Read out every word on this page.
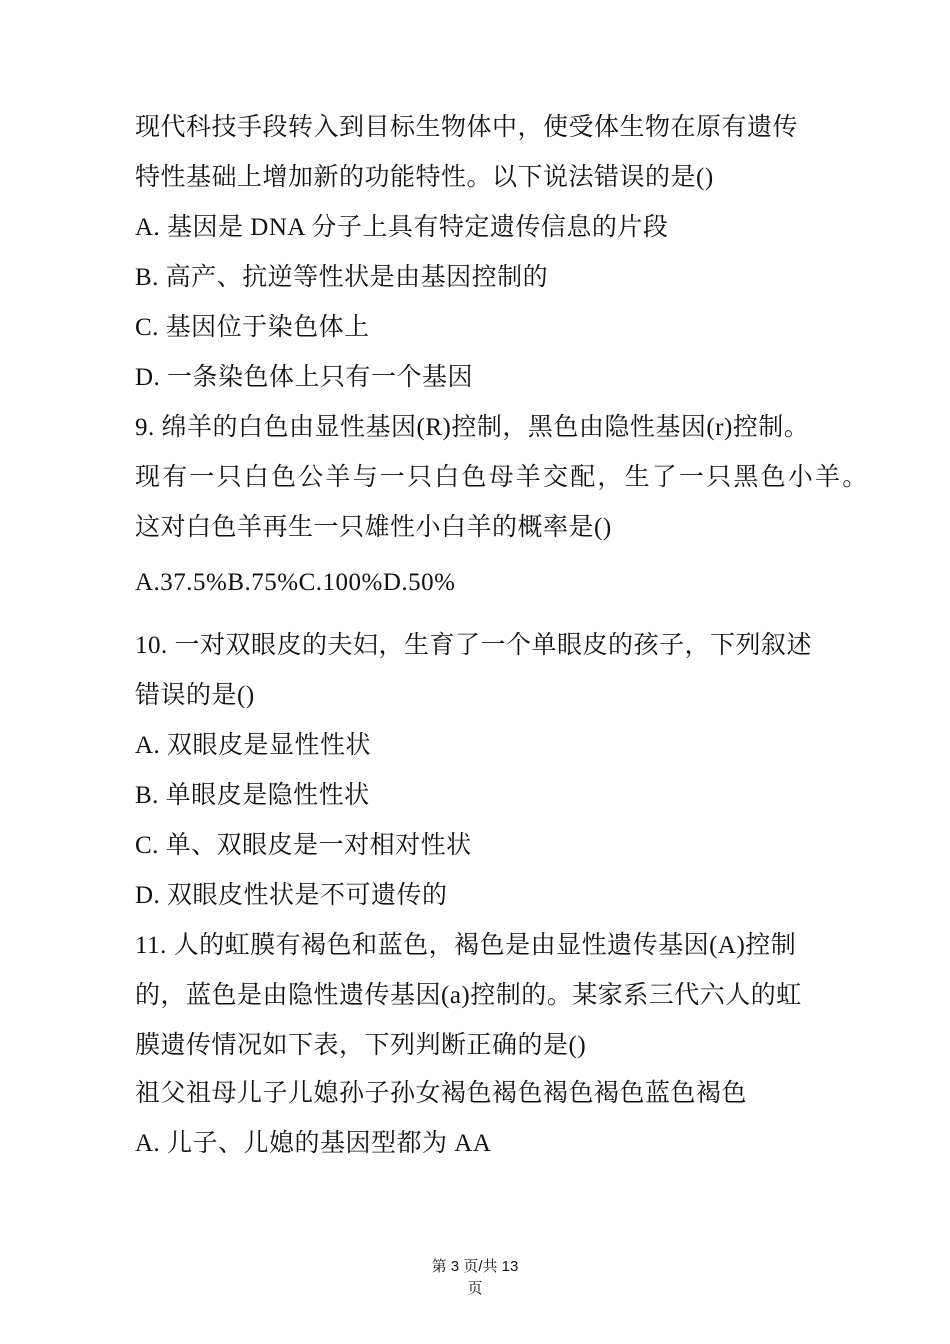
现代科技手段转入到目标生物体中，使受体生物在原有遗传

特性基础上增加新的功能特性。以下说法错误的是()

A. 基因是 DNA 分子上具有特定遗传信息的片段

B. 高产、抗逆等性状是由基因控制的

C. 基因位于染色体上

D. 一条染色体上只有一个基因

9. 绵羊的白色由显性基因(R)控制，黑色由隐性基因(r)控制。

现有一只白色公羊与一只白色母羊交配，生了一只黑色小羊。

这对白色羊再生一只雄性小白羊的概率是()

A.37.5%B.75%C.100%D.50%

10. 一对双眼皮的夫妇，生育了一个单眼皮的孩子，下列叙述

错误的是()

A. 双眼皮是显性性状

B. 单眼皮是隐性性状

C. 单、双眼皮是一对相对性状

D. 双眼皮性状是不可遗传的

11. 人的虹膜有褐色和蓝色，褐色是由显性遗传基因(A)控制

的，蓝色是由隐性遗传基因(a)控制的。某家系三代六人的虹

膜遗传情况如下表，下列判断正确的是()

祖父祖母儿子儿媳孙子孙女褐色褐色褐色褐色蓝色褐色

A. 儿子、儿媳的基因型都为 AA

第 3 页/共 13
页
